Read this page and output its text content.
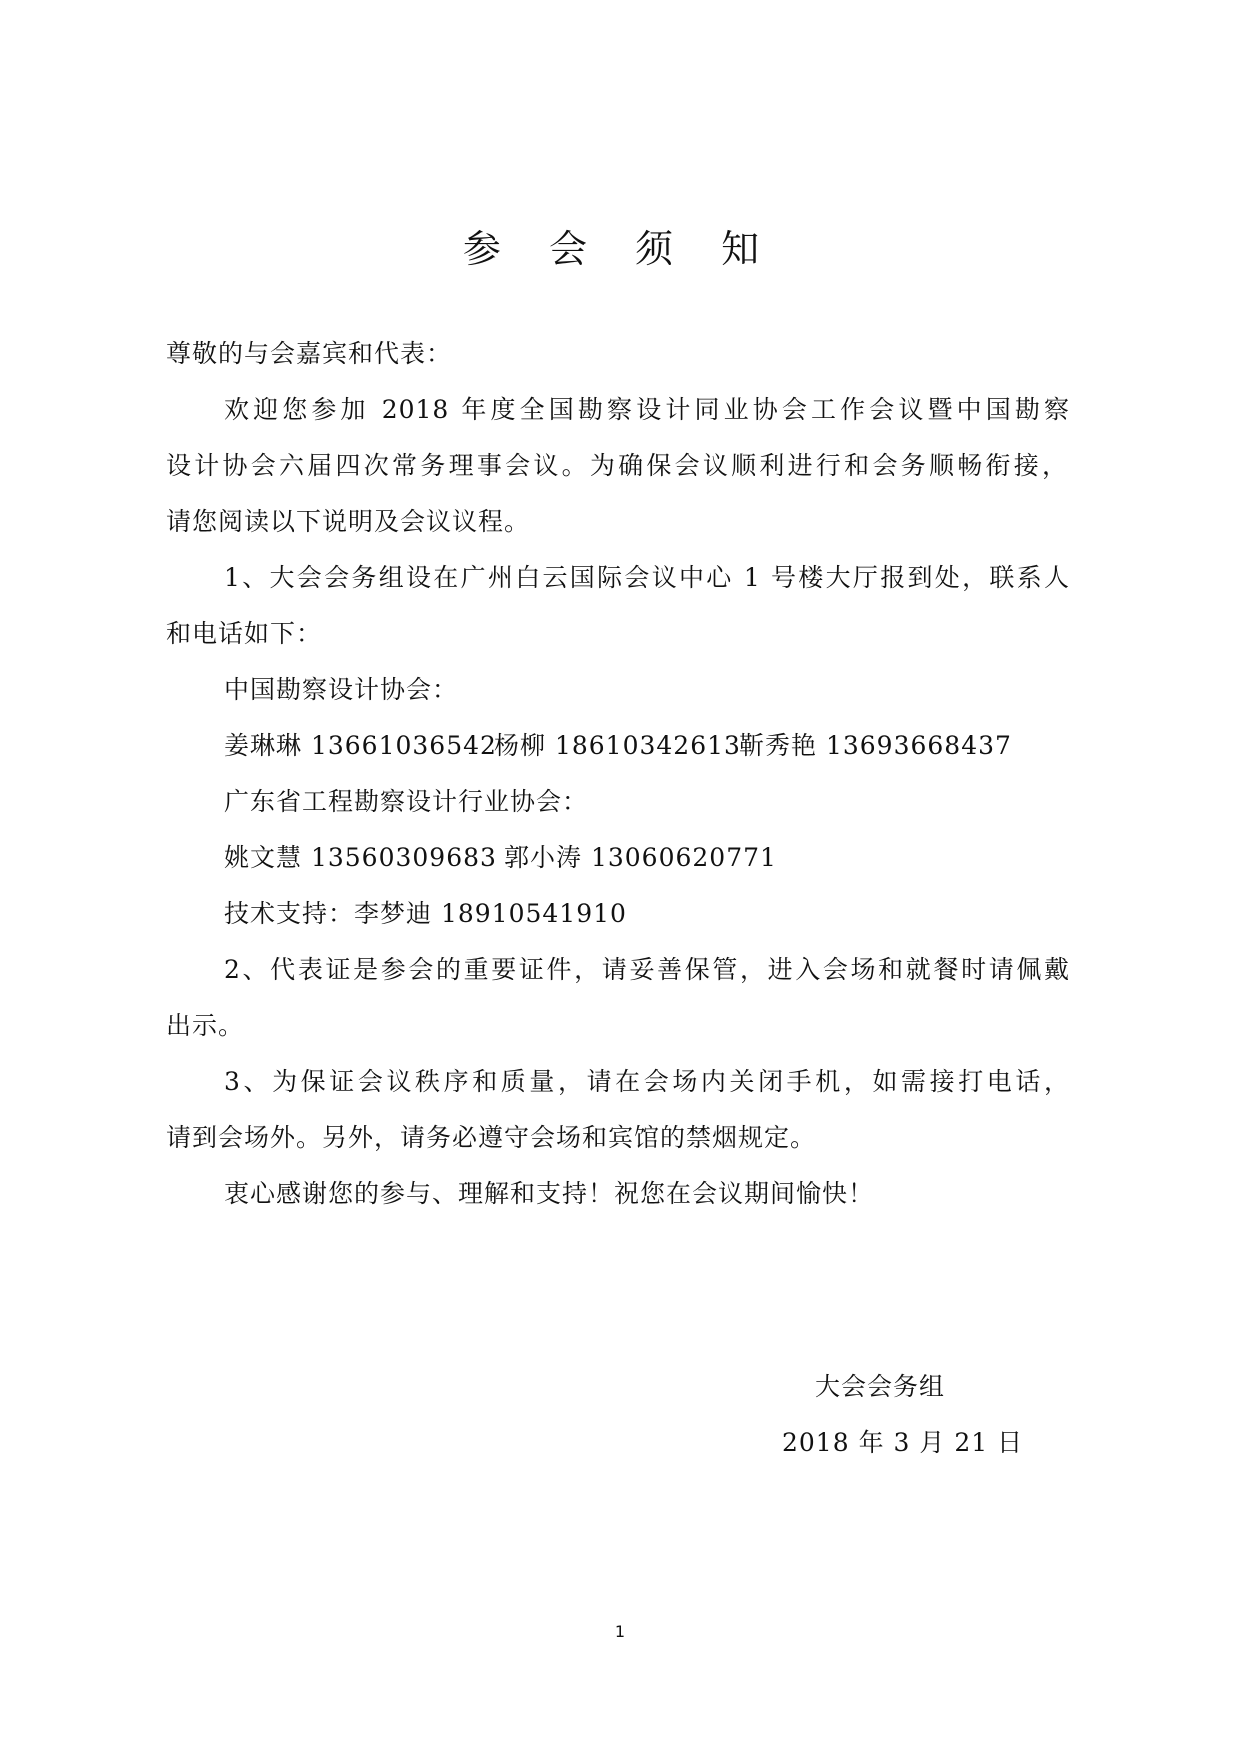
参 会 须 知
尊敬的与会嘉宾和代表：
欢迎您参加 2018 年度全国勘察设计同业协会工作会议暨中国勘察
设计协会六届四次常务理事会议。为确保会议顺利进行和会务顺畅衔接，
请您阅读以下说明及会议议程。
1、大会会务组设在广州白云国际会议中心 1 号楼大厅报到处，联系人
和电话如下：
中国勘察设计协会：
姜琳琳 13661036542杨柳 18610342613靳秀艳 13693668437
广东省工程勘察设计行业协会：
姚文慧 13560309683 郭小涛 13060620771
技术支持：李梦迪 18910541910
2、代表证是参会的重要证件，请妥善保管，进入会场和就餐时请佩戴
出示。
3、为保证会议秩序和质量，请在会场内关闭手机，如需接打电话，
请到会场外。另外，请务必遵守会场和宾馆的禁烟规定。
衷心感谢您的参与、理解和支持！祝您在会议期间愉快！
大会会务组
2018 年 3 月 21 日
1
